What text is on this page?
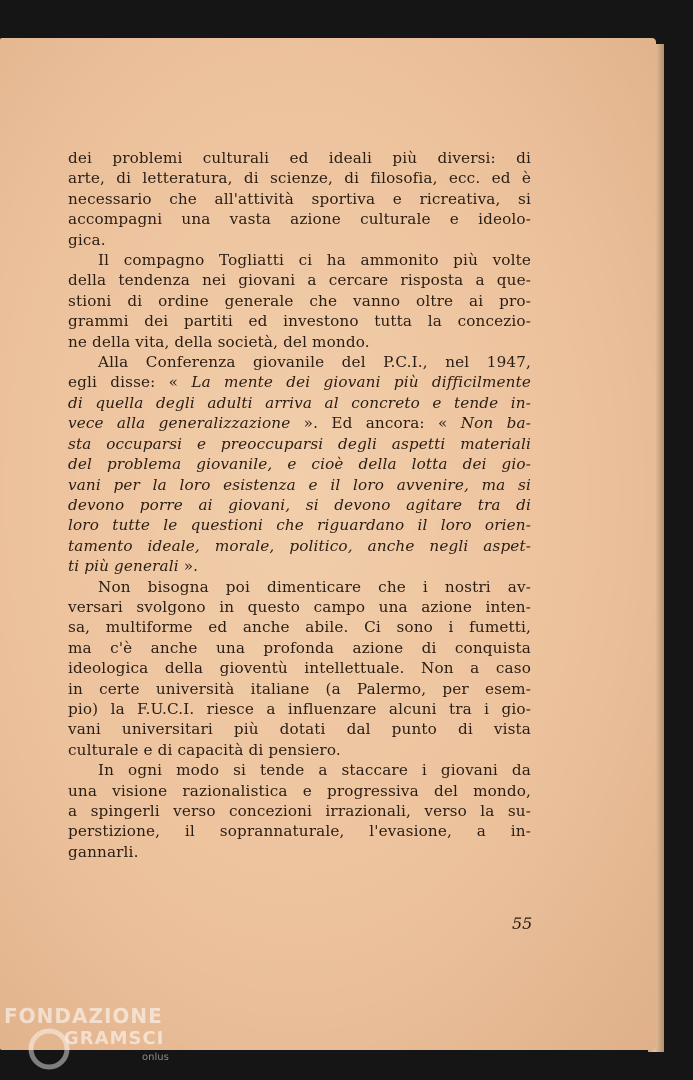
dei problemi culturali ed ideali più diversi: di
arte, di letteratura, di scienze, di filosofia, ecc. ed è
necessario che all'attività sportiva e ricreativa, si
accompagni una vasta azione culturale e ideolo-
gica.
Il compagno Togliatti ci ha ammonito più volte
della tendenza nei giovani a cercare risposta a que-
stioni di ordine generale che vanno oltre ai pro-
grammi dei partiti ed investono tutta la concezio-
ne della vita, della società, del mondo.
Alla Conferenza giovanile del P.C.I., nel 1947,
egli disse: « La mente dei giovani più difficilmente
di quella degli adulti arriva al concreto e tende in-
vece alla generalizzazione ». Ed ancora: « Non ba-
sta occuparsi e preoccuparsi degli aspetti materiali
del problema giovanile, e cioè della lotta dei gio-
vani per la loro esistenza e il loro avvenire, ma si
devono porre ai giovani, si devono agitare tra di
loro tutte le questioni che riguardano il loro orien-
tamento ideale, morale, politico, anche negli aspet-
ti più generali ».
Non bisogna poi dimenticare che i nostri av-
versari svolgono in questo campo una azione inten-
sa, multiforme ed anche abile. Ci sono i fumetti,
ma c'è anche una profonda azione di conquista
ideologica della gioventù intellettuale. Non a caso
in certe università italiane (a Palermo, per esem-
pio) la F.U.C.I. riesce a influenzare alcuni tra i gio-
vani universitari più dotati dal punto di vista
culturale e di capacità di pensiero.
In ogni modo si tende a staccare i giovani da
una visione razionalistica e progressiva del mondo,
a spingerli verso concezioni irrazionali, verso la su-
perstizione, il soprannaturale, l'evasione, a in-
gannarli.
55
FONDAZIONE
GRAMSCI
onlus
